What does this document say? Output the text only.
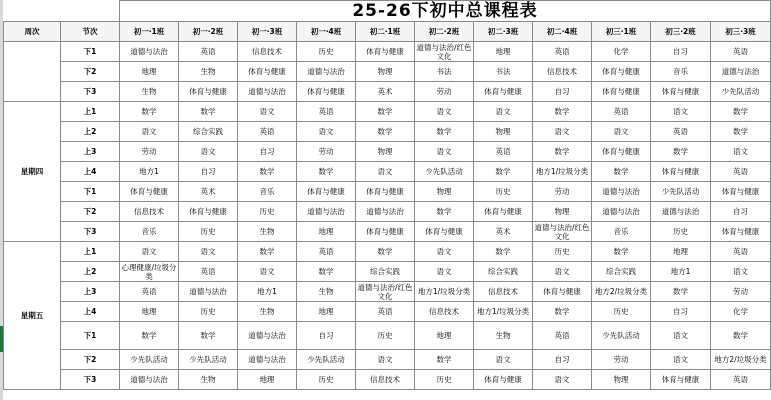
		25-26下初中总课程表										
周次	节次	初一·1班	初一·2班	初一·3班	初一·4班	初二·1班	初二·2班	初二·3班	初二·4班	初三·1班	初三·2班	初三·3班
	下1	道德与法治	英语	信息技术	历史	体育与健康	道德与法治/红色文化	地理	英语	化学	自习	英语
	下2	地理	生物	体育与健康	道德与法治	物理	书法	书法	信息技术	体育与健康	音乐	道德与法治
	下3	生物	体育与健康	道德与法治	体育与健康	英术	劳动	体育与健康	自习	体育与健康	体育与健康	少先队活动
星期四	上1	数学	数学	语文	英语	数学	语文	语文	数学	英语	语文	数学
	上2	语文	综合实践	英语	语文	数学	数学	物理	语文	语文	英语	数学
	上3	劳动	语文	自习	劳动	物理	语文	英语	数学	体育与健康	数学	语文
	上4	地方1	自习	数学	数学	语文	少先队活动	数学	地方1/垃圾分类	数学	体育与健康	英语
	下1	体育与健康	英术	音乐	体育与健康	体育与健康	物理	历史	劳动	道德与法治	少先队活动	体育与健康
	下2	信息技术	体育与健康	历史	道德与法治	道德与法治	数学	体育与健康	物理	道德与法治	道德与法治	自习
	下3	音乐	历史	生物	地理	体育与健康	体育与健康	英术	道德与法治/红色文化	音乐	历史	体育与健康
星期五	上1	语文	语文	数学	英语	数学	语文	数学	历史	数学	地理	英语
	上2	心理健康/垃圾分类	英语	语文	数学	综合实践	语文	综合实践	语文	综合实践	地方1	语文
	上3	英语	道德与法治	地方1	生物	道德与法治/红色文化	地方1/垃圾分类	信息技术	体育与健康	地方2/垃圾分类	数学	劳动
	上4	地理	历史	生物	地理	英语	信息技术	地方1/垃圾分类	数学	历史	自习	化学
	下1	数学	数学	道德与法治	自习	历史	地理	生物	英语	少先队活动	语文	数学
	下2	少先队活动	少先队活动	道德与法治	少先队活动	语文	数学	语文	自习	劳动	语文	地方2/垃圾分类
	下3	道德与法治	生物	地理	历史	信息技术	历史	体育与健康	语文	物理	体育与健康	英语
